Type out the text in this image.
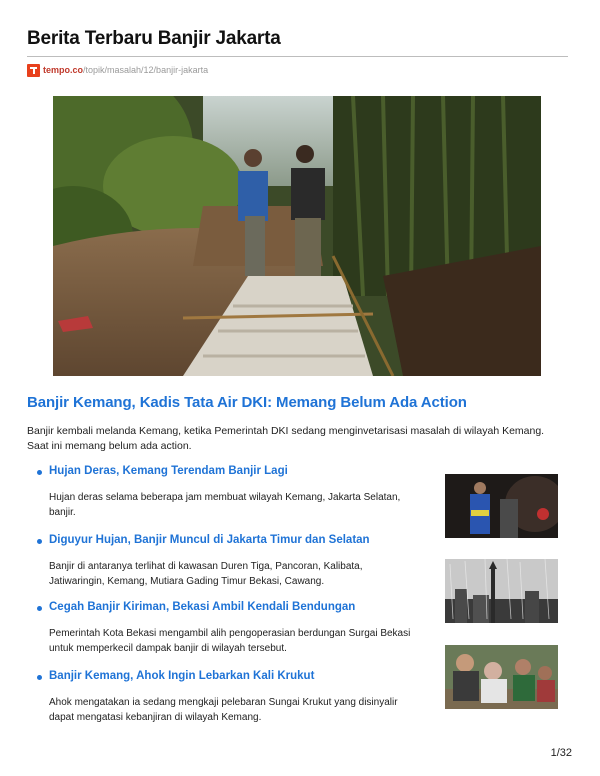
Berita Terbaru Banjir Jakarta
tempo.co /topik/masalah/12/banjir-jakarta
Banjir Kemang, Kadis Tata Air DKI: Memang Belum Ada Action
Banjir kembali melanda Kemang, ketika Pemerintah DKI sedang menginvetarisasi masalah di wilayah Kemang. Saat ini memang belum ada action.
Hujan Deras, Kemang Terendam Banjir Lagi
Hujan deras selama beberapa jam membuat wilayah Kemang, Jakarta Selatan, banjir.
Diguyur Hujan, Banjir Muncul di Jakarta Timur dan Selatan
Banjir di antaranya terlihat di kawasan Duren Tiga, Pancoran, Kalibata, Jatiwaringin, Kemang, Mutiara Gading Timur Bekasi, Cawang.
Cegah Banjir Kiriman, Bekasi Ambil Kendali Bendungan
Pemerintah Kota Bekasi mengambil alih pengoperasian berdungan Surgai Bekasi untuk memperkecil dampak banjir di wilayah tersebut.
Banjir Kemang, Ahok Ingin Lebarkan Kali Krukut
Ahok mengatakan ia sedang mengkaji pelebaran Sungai Krukut yang disinyalir dapat mengatasi kebanjiran di wilayah Kemang.
1/32
